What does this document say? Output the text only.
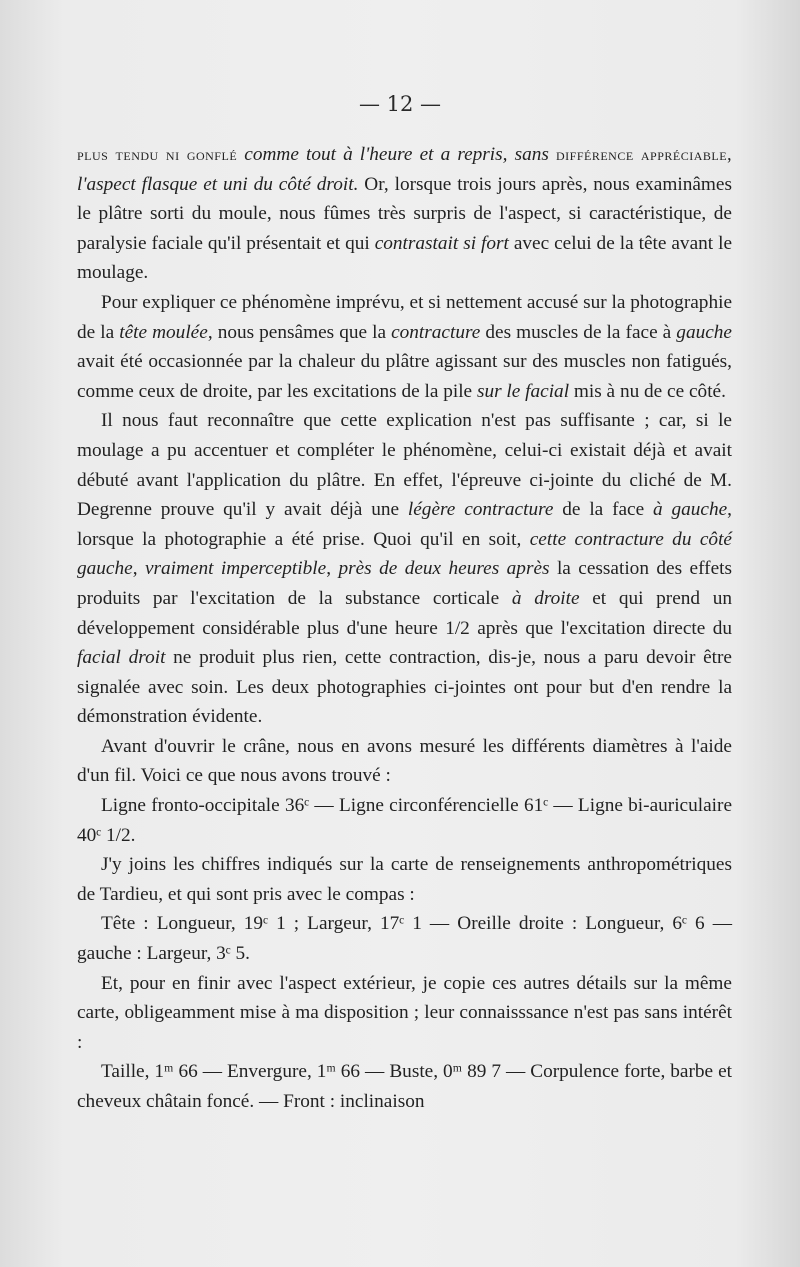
— 12 —

plus tendu ni gonflé comme tout à l'heure et a repris, sans différence appréciable, l'aspect flasque et uni du côté droit. Or, lorsque trois jours après, nous examinâmes le plâtre sorti du moule, nous fûmes très surpris de l'aspect, si caractéristique, de paralysie faciale qu'il présentait et qui contrastait si fort avec celui de la tête avant le moulage.

Pour expliquer ce phénomène imprévu, et si nettement accusé sur la photographie de la tête moulée, nous pensâmes que la contracture des muscles de la face à gauche avait été occasionnée par la chaleur du plâtre agissant sur des muscles non fatigués, comme ceux de droite, par les excitations de la pile sur le facial mis à nu de ce côté.

Il nous faut reconnaître que cette explication n'est pas suffisante ; car, si le moulage a pu accentuer et compléter le phénomène, celui-ci existait déjà et avait débuté avant l'application du plâtre. En effet, l'épreuve ci-jointe du cliché de M. Degrenne prouve qu'il y avait déjà une légère contracture de la face à gauche, lorsque la photographie a été prise. Quoi qu'il en soit, cette contracture du côté gauche, vraiment imperceptible, près de deux heures après la cessation des effets produits par l'excitation de la substance corticale à droite et qui prend un développement considérable plus d'une heure 1/2 après que l'excitation directe du facial droit ne produit plus rien, cette contraction, dis-je, nous a paru devoir être signalée avec soin. Les deux photographies ci-jointes ont pour but d'en rendre la démonstration évidente.

Avant d'ouvrir le crâne, nous en avons mesuré les différents diamètres à l'aide d'un fil. Voici ce que nous avons trouvé :

Ligne fronto-occipitale 36ᶜ — Ligne circonférencielle 61ᶜ — Ligne bi-auriculaire 40ᶜ 1/2.

J'y joins les chiffres indiqués sur la carte de renseignements anthropométriques de Tardieu, et qui sont pris avec le compas :

Tête : Longueur, 19ᶜ 1 ; Largeur, 17ᶜ 1 — Oreille droite : Longueur, 6ᶜ 6 — gauche : Largeur, 3ᶜ 5.

Et, pour en finir avec l'aspect extérieur, je copie ces autres détails sur la même carte, obligeamment mise à ma disposition ; leur connaisssance n'est pas sans intérêt :

Taille, 1ᵐ 66 — Envergure, 1ᵐ 66 — Buste, 0ᵐ 89 7 — Corpulence forte, barbe et cheveux châtain foncé. — Front : inclinaison
